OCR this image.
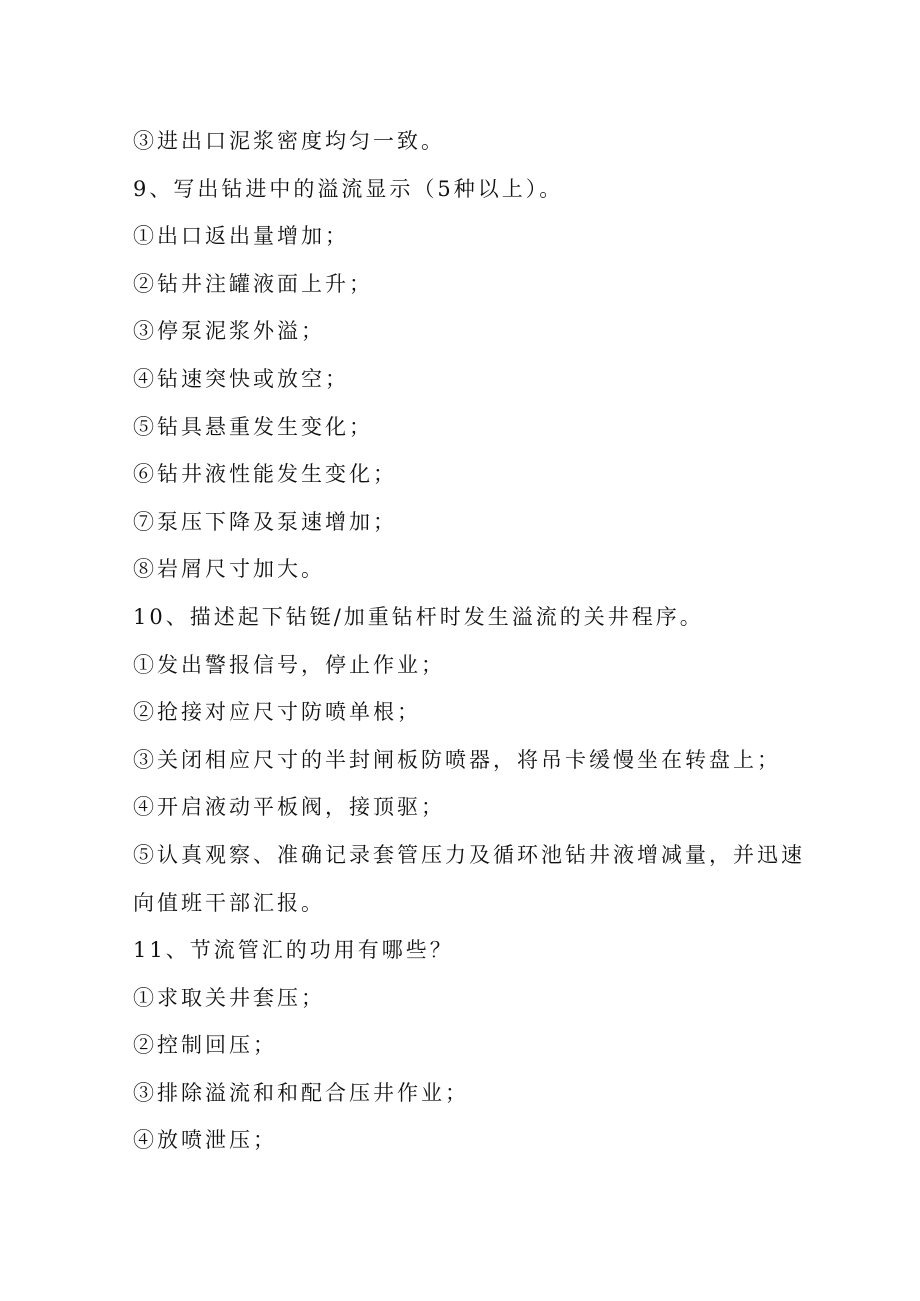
③进出口泥浆密度均匀一致。
9、写出钻进中的溢流显示（5种以上）。
①出口返出量增加；
②钻井注罐液面上升；
③停泵泥浆外溢；
④钻速突快或放空；
⑤钻具悬重发生变化；
⑥钻井液性能发生变化；
⑦泵压下降及泵速增加；
⑧岩屑尺寸加大。
10、描述起下钻铤/加重钻杆时发生溢流的关井程序。
①发出警报信号，停止作业；
②抢接对应尺寸防喷单根；
③关闭相应尺寸的半封闸板防喷器，将吊卡缓慢坐在转盘上；
④开启液动平板阀，接顶驱；
⑤认真观察、准确记录套管压力及循环池钻井液增减量，并迅速
向值班干部汇报。
11、节流管汇的功用有哪些？
①求取关井套压；
②控制回压；
③排除溢流和和配合压井作业；
④放喷泄压；
